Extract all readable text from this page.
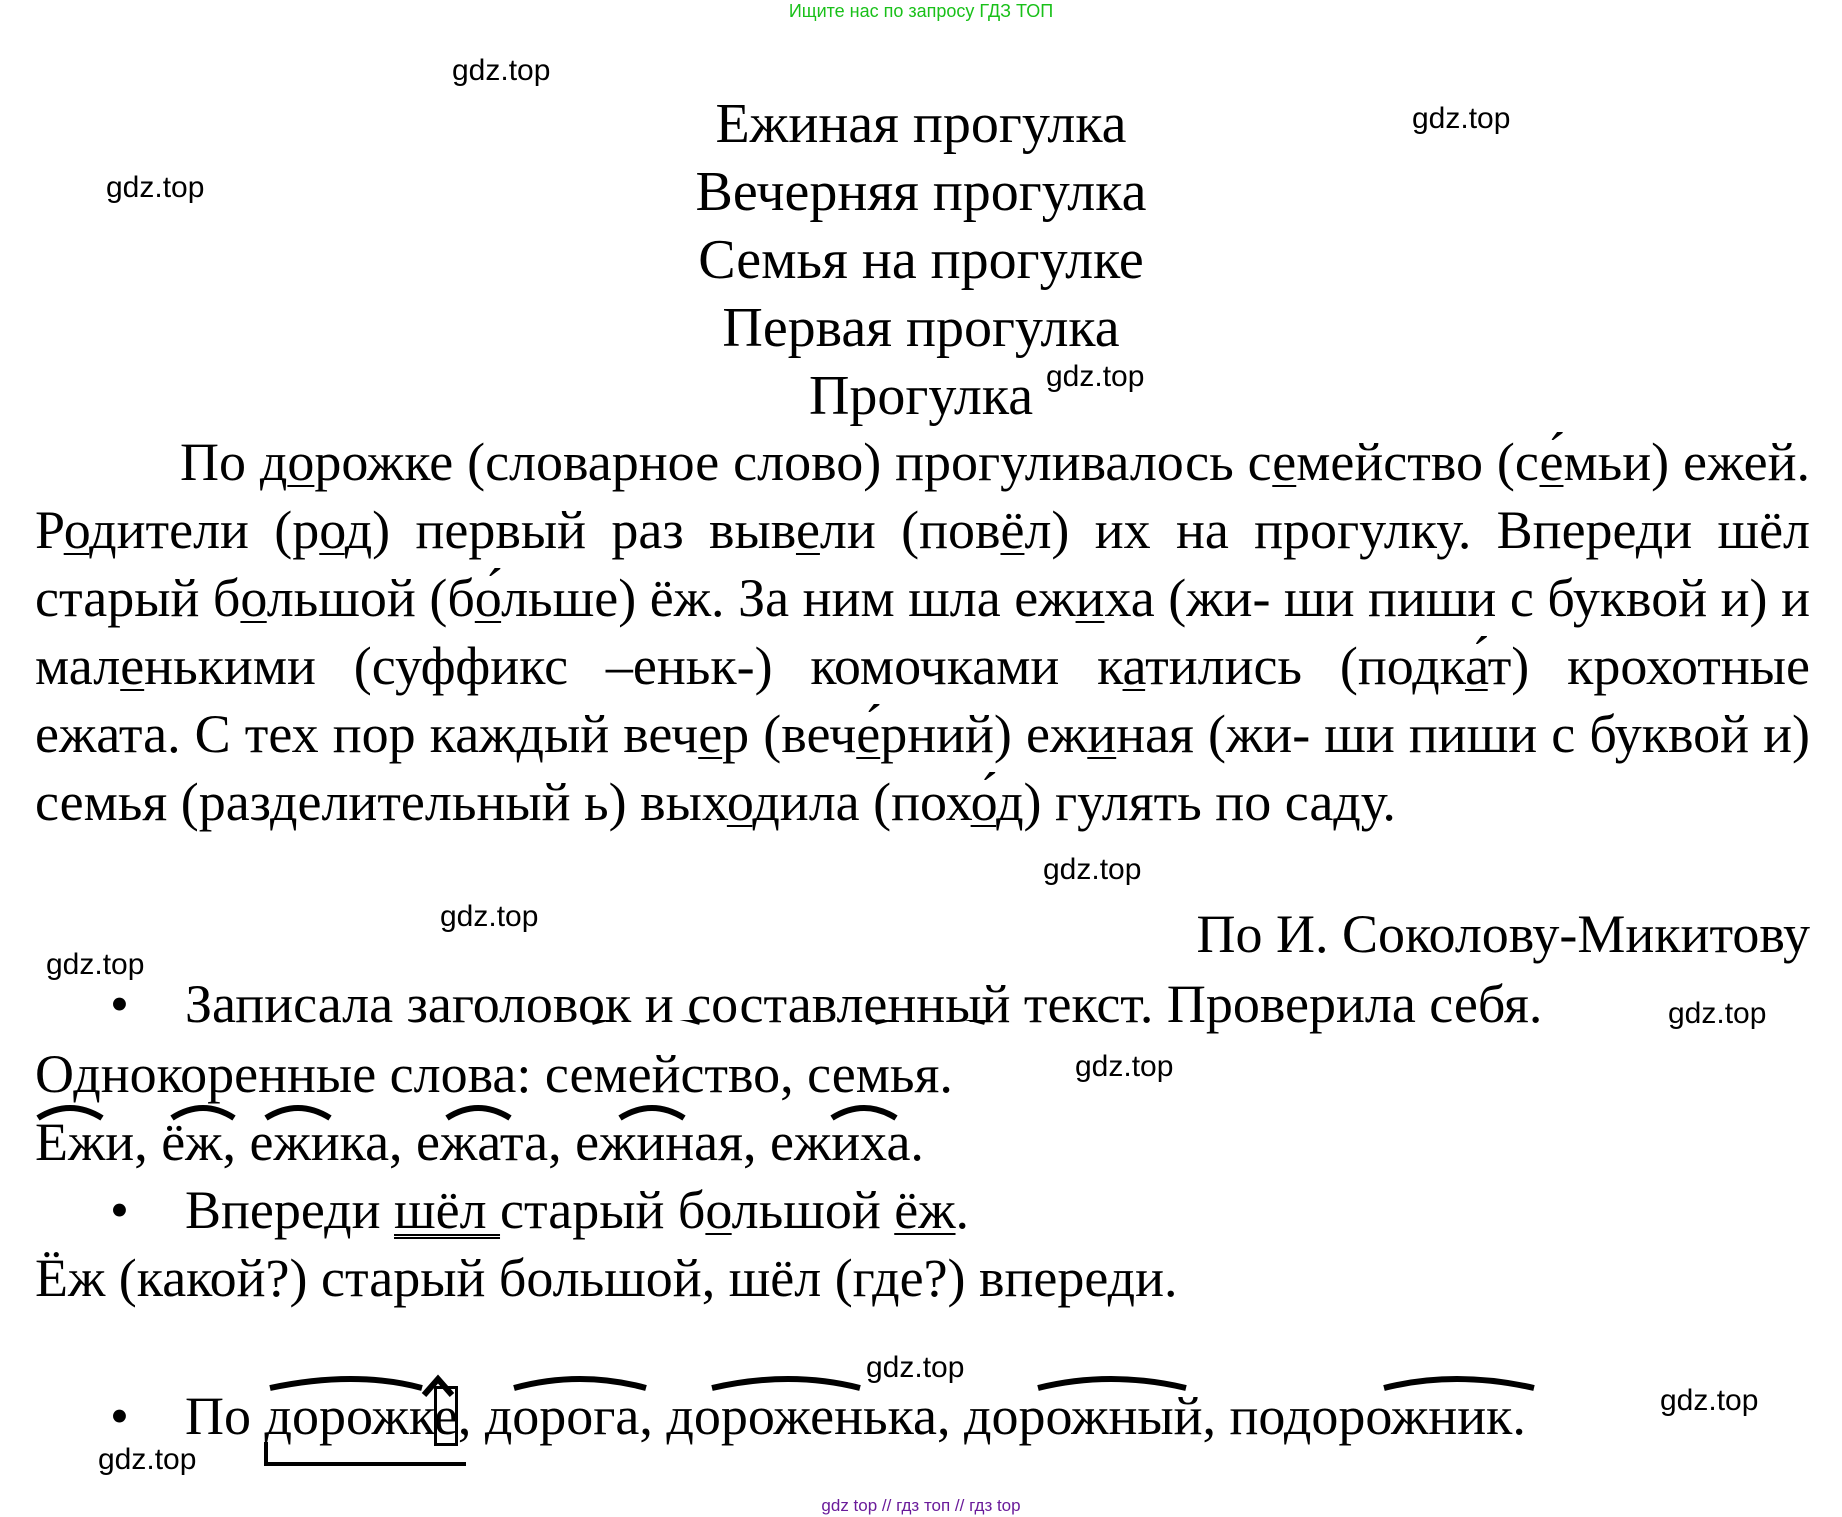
Ищите нас по запросу ГДЗ ТОП
gdz.top
gdz.top
gdz.top
gdz.top
gdz.top
gdz.top
gdz.top
gdz.top
gdz.top
gdz.top
gdz.top
gdz.top
Ежиная прогулка
Вечерняя прогулка
Семья на прогулке
Первая прогулка
Прогулка
По дорожке (словарное слово) прогуливалось семейство (се́мьи) ежей. Родители (род) первый раз вывели (повёл) их на прогулку. Впереди шёл старый большой (бо́льше) ёж. За ним шла ежиха (жи- ши пиши с буквой и) и маленькими (суффикс –еньк-) комочками катились (подка́т) крохотные ежата. С тех пор каждый вечер (вече́рний) ежиная (жи- ши пиши с буквой и) семья (разделительный ь) выходила (похо́д) гулять по саду.
По И. Соколову-Микитову
• Записала заголовок и составленный текст. Проверила себя.
Однокоренные слова: семейство, семья.
Ежи, ёж, ежика, ежата, ежиная, ежиха.
• Впереди шёл старый большой ёж.
Ёж (какой?) старый большой, шёл (где?) впереди.
• По дорожке, дорога, дороженька, дорожный, подорожник.
gdz top // гдз топ // гдз top
